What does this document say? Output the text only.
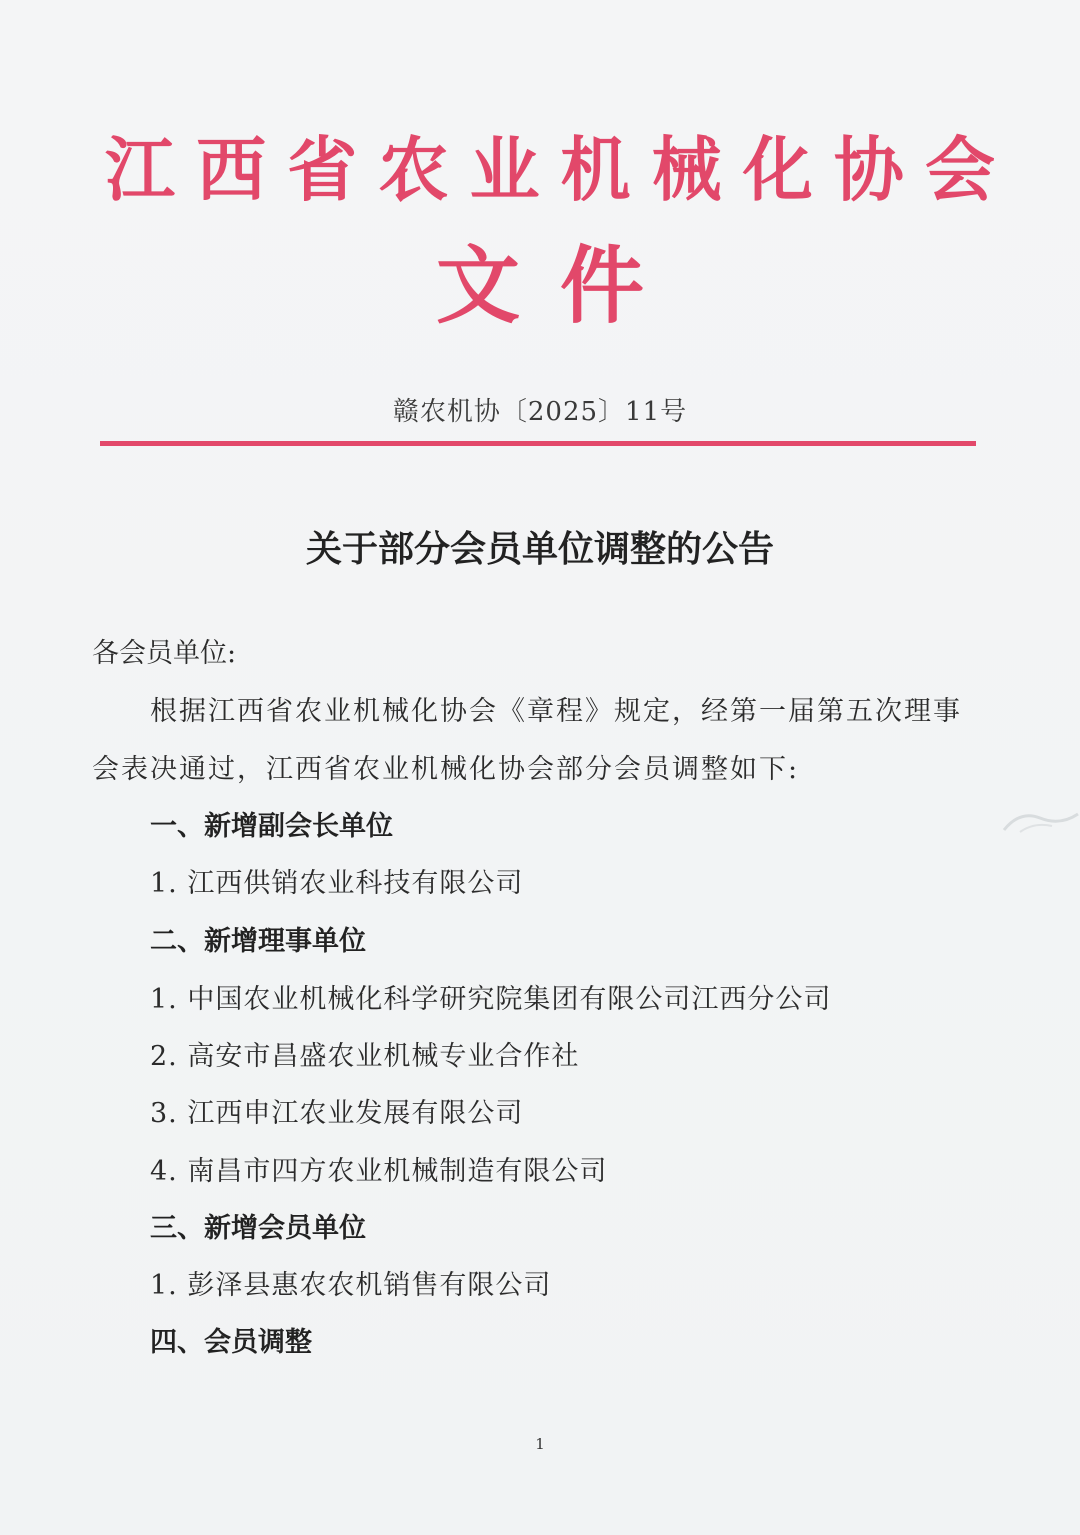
江 西 省 农 业 机 械 化 协 会
文件
赣农机协〔2025〕11号
关于部分会员单位调整的公告
各会员单位:
根据江西省农业机械化协会《章程》规定，经第一届第五次理事
会表决通过，江西省农业机械化协会部分会员调整如下:
一、新增副会长单位
1. 江西供销农业科技有限公司
二、新增理事单位
1. 中国农业机械化科学研究院集团有限公司江西分公司
2. 高安市昌盛农业机械专业合作社
3. 江西申江农业发展有限公司
4. 南昌市四方农业机械制造有限公司
三、新增会员单位
1. 彭泽县惠农农机销售有限公司
四、会员调整
1
